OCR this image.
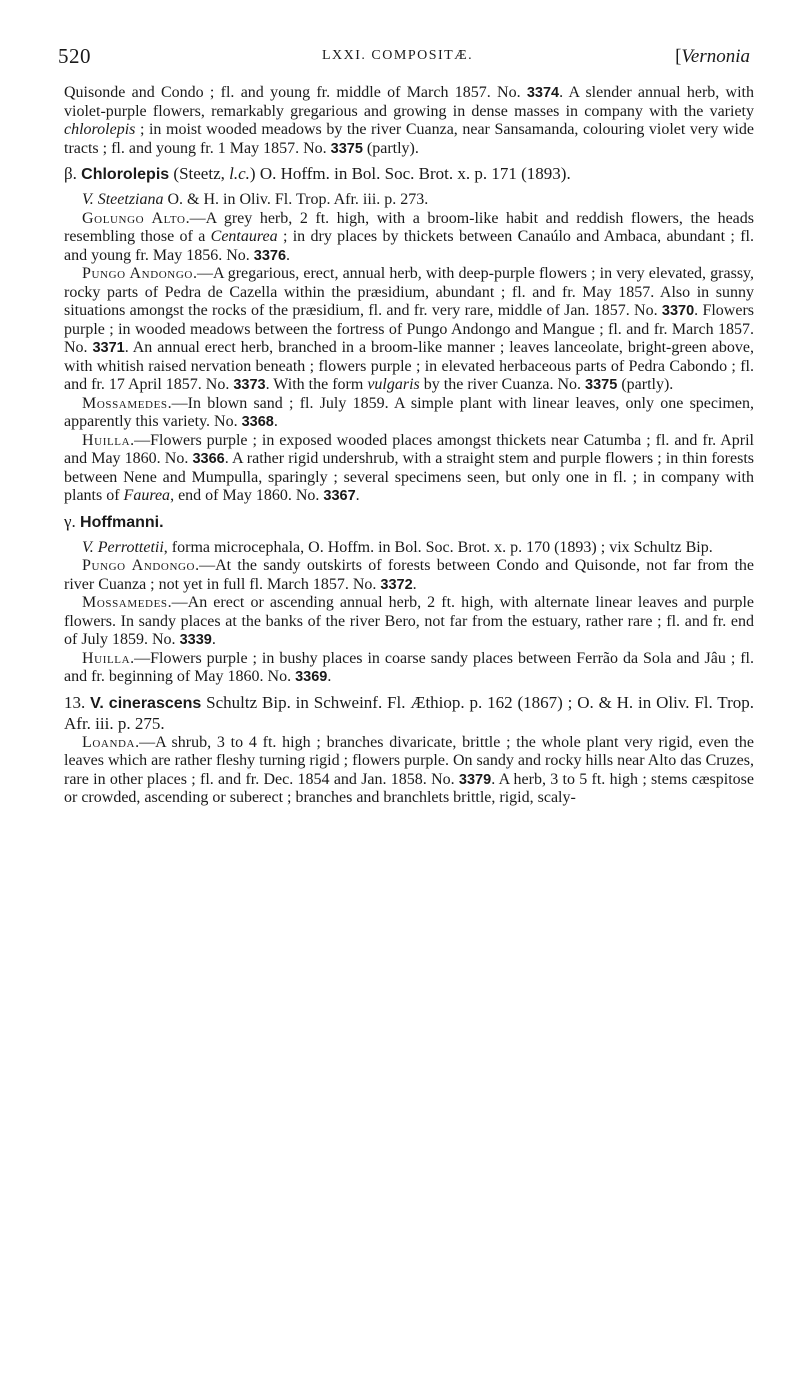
520	LXXI. COMPOSITÆ.	[Vernonia

Quisonde and Condo ; fl. and young fr. middle of March 1857. No. 3374. A slender annual herb, with violet-purple flowers, remarkably gregarious and growing in dense masses in company with the variety chlorolepis ; in moist wooded meadows by the river Cuanza, near Sansamanda, colouring violet very wide tracts ; fl. and young fr. 1 May 1857. No. 3375 (partly).

β. Chlorolepis (Steetz, l.c.) O. Hoffm. in Bol. Soc. Brot. x. p. 171 (1893).

V. Steetziana O. & H. in Oliv. Fl. Trop. Afr. iii. p. 273.

Golungo Alto.—A grey herb, 2 ft. high, with a broom-like habit and reddish flowers, the heads resembling those of a Centaurea ; in dry places by thickets between Canaúlo and Ambaca, abundant ; fl. and young fr. May 1856. No. 3376.

Pungo Andongo.—A gregarious, erect, annual herb, with deep-purple flowers ; in very elevated, grassy, rocky parts of Pedra de Cazella within the præsidium, abundant ; fl. and fr. May 1857. Also in sunny situations amongst the rocks of the præsidium, fl. and fr. very rare, middle of Jan. 1857. No. 3370. Flowers purple ; in wooded meadows between the fortress of Pungo Andongo and Mangue ; fl. and fr. March 1857. No. 3371. An annual erect herb, branched in a broom-like manner ; leaves lanceolate, bright-green above, with whitish raised nervation beneath ; flowers purple ; in elevated herbaceous parts of Pedra Cabondo ; fl. and fr. 17 April 1857. No. 3373. With the form vulgaris by the river Cuanza. No. 3375 (partly).

Mossamedes.—In blown sand ; fl. July 1859. A simple plant with linear leaves, only one specimen, apparently this variety. No. 3368.

Huilla.—Flowers purple ; in exposed wooded places amongst thickets near Catumba ; fl. and fr. April and May 1860. No. 3366. A rather rigid undershrub, with a straight stem and purple flowers ; in thin forests between Nene and Mumpulla, sparingly ; several specimens seen, but only one in fl. ; in company with plants of Faurea, end of May 1860. No. 3367.

γ. Hoffmanni.

V. Perrottetii, forma microcephala, O. Hoffm. in Bol. Soc. Brot. x. p. 170 (1893) ; vix Schultz Bip.

Pungo Andongo.—At the sandy outskirts of forests between Condo and Quisonde, not far from the river Cuanza ; not yet in full fl. March 1857. No. 3372.

Mossamedes.—An erect or ascending annual herb, 2 ft. high, with alternate linear leaves and purple flowers. In sandy places at the banks of the river Bero, not far from the estuary, rather rare ; fl. and fr. end of July 1859. No. 3339.

Huilla.—Flowers purple ; in bushy places in coarse sandy places between Ferrão da Sola and Jâu ; fl. and fr. beginning of May 1860. No. 3369.

13. V. cinerascens Schultz Bip. in Schweinf. Fl. Æthiop. p. 162 (1867) ; O. & H. in Oliv. Fl. Trop. Afr. iii. p. 275.

Loanda.—A shrub, 3 to 4 ft. high ; branches divaricate, brittle ; the whole plant very rigid, even the leaves which are rather fleshy turning rigid ; flowers purple. On sandy and rocky hills near Alto das Cruzes, rare in other places ; fl. and fr. Dec. 1854 and Jan. 1858. No. 3379. A herb, 3 to 5 ft. high ; stems cæspitose or crowded, ascending or suberect ; branches and branchlets brittle, rigid, scaly-
